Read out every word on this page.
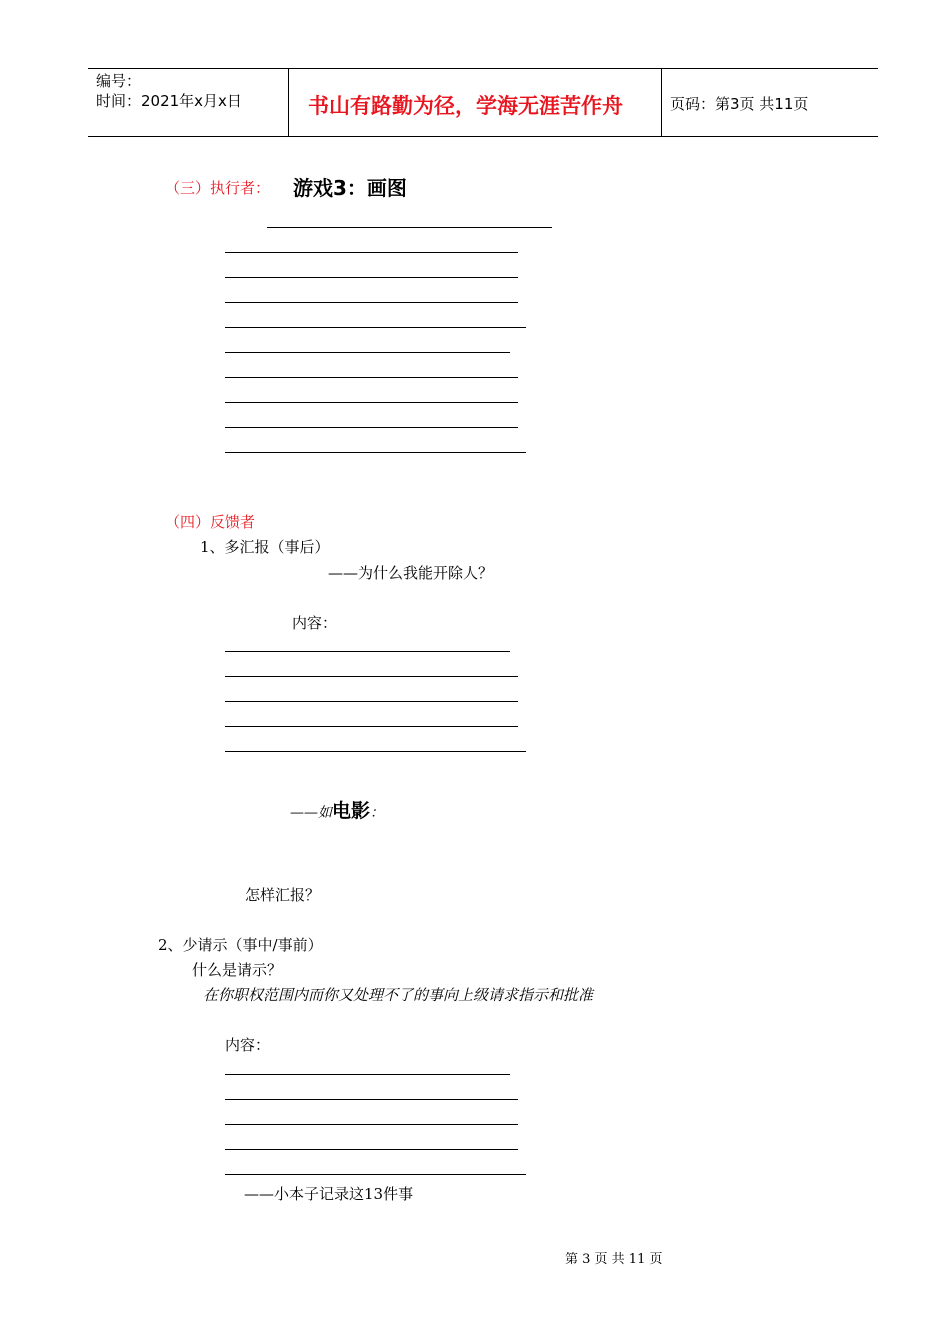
编号：
时间：2021年x月x日	书山有路勤为径，学海无涯苦作舟	页码：第3页 共11页
（三）执行者： 游戏3：画图
（四）反馈者
1、多汇报（事后）
——为什么我能开除人？
内容：
——如电影：
怎样汇报？
2、少请示（事中/事前）
什么是请示？
在你职权范围内而你又处理不了的事向上级请求指示和批准
内容：
——小本子记录这13件事
第 3 页 共 11 页
